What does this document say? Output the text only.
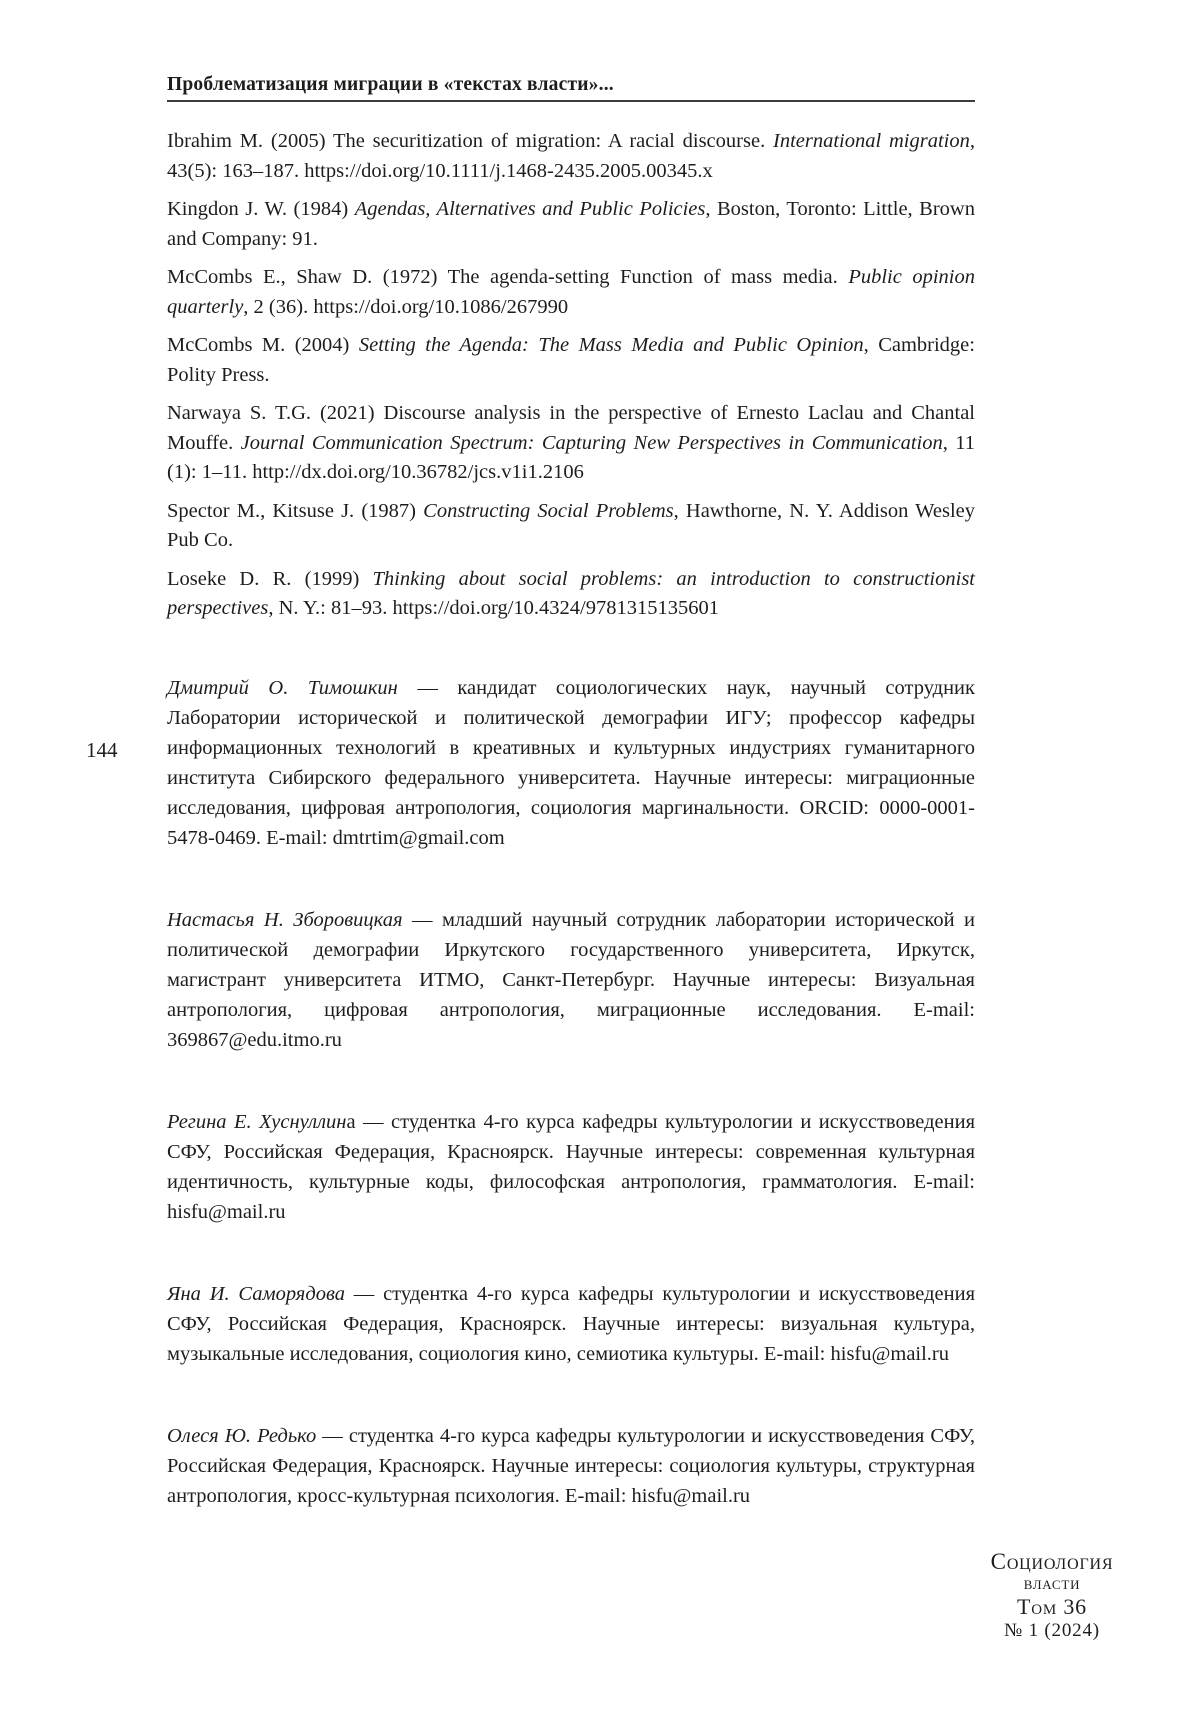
144
Проблематизация миграции в «текстах власти»...

Ibrahim M. (2005) The securitization of migration: A racial discourse. International migration, 43(5): 163–187. https://doi.org/10.1111/j.1468-2435.2005.00345.x

Kingdon J. W. (1984) Agendas, Alternatives and Public Policies, Boston, Toronto: Little, Brown and Company: 91.

McCombs E., Shaw D. (1972) The agenda-setting Function of mass media. Public opinion quarterly, 2 (36). https://doi.org/10.1086/267990

McCombs M. (2004) Setting the Agenda: The Mass Media and Public Opinion, Cambridge: Polity Press.

Narwaya S. T.G. (2021) Discourse analysis in the perspective of Ernesto Laclau and Chantal Mouffe. Journal Communication Spectrum: Capturing New Perspectives in Communication, 11 (1): 1–11. http://dx.doi.org/10.36782/jcs.v1i1.2106

Spector M., Kitsuse J. (1987) Constructing Social Problems, Hawthorne, N. Y. Addison Wesley Pub Co.

Loseke D. R. (1999) Thinking about social problems: an introduction to constructionist perspectives, N. Y.: 81–93. https://doi.org/10.4324/9781315135601

Дмитрий О. Тимошкин — кандидат социологических наук, научный сотрудник Лаборатории исторической и политической демографии ИГУ; профессор кафедры информационных технологий в креативных и культурных индустриях гуманитарного института Сибирского федерального университета. Научные интересы: миграционные исследования, цифровая антропология, социология маргинальности. ORCID: 0000-0001-5478-0469. E-mail: dmtrtim@gmail.com

Настасья Н. Зборовицкая — младший научный сотрудник лаборатории исторической и политической демографии Иркутского государственного университета, Иркутск, магистрант университета ИТМО, Санкт-Петербург. Научные интересы: Визуальная антропология, цифровая антропология, миграционные исследования. E-mail: 369867@edu.itmo.ru

Регина Е. Хуснуллина — студентка 4-го курса кафедры культурологии и искусствоведения СФУ, Российская Федерация, Красноярск. Научные интересы: современная культурная идентичность, культурные коды, философская антропология, грамматология. E-mail: hisfu@mail.ru

Яна И. Саморядова — студентка 4-го курса кафедры культурологии и искусствоведения СФУ, Российская Федерация, Красноярск. Научные интересы: визуальная культура, музыкальные исследования, социология кино, семиотика культуры. E-mail: hisfu@mail.ru

Олеся Ю. Редько — студентка 4-го курса кафедры культурологии и искусствоведения СФУ, Российская Федерация, Красноярск. Научные интересы: социология культуры, структурная антропология, кросс-культурная психология. E-mail: hisfu@mail.ru

Социология
власти
Том 36
№ 1 (2024)
